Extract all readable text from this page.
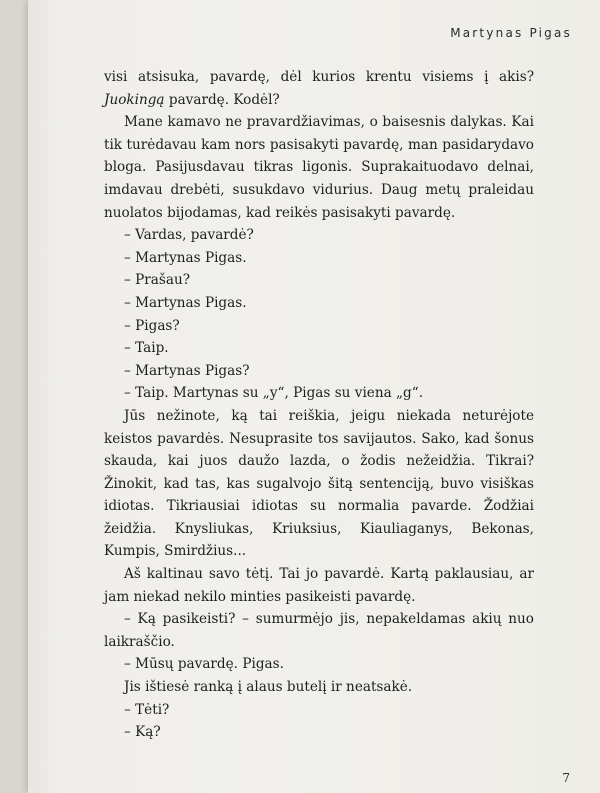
Martynas Pigas

visi atsisuka, pavardę, dėl kurios krentu visiems į akis? Juokingą pavardę. Kodėl?

Mane kamavo ne pravardžiavimas, o baisesnis dalykas. Kai tik turėdavau kam nors pasisakyti pavardę, man pasidarydavo bloga. Pasijusdavau tikras ligonis. Suprakaituodavo delnai, imdavau drebėti, susukdavo vidurius. Daug metų praleidau nuolatos bijodamas, kad reikės pasisakyti pavardę.

– Vardas, pavardė?

– Martynas Pigas.

– Prašau?

– Martynas Pigas.

– Pigas?

– Taip.

– Martynas Pigas?

– Taip. Martynas su „y“, Pigas su viena „g“.

Jūs nežinote, ką tai reiškia, jeigu niekada neturėjote keistos pavardės. Nesuprasite tos savijautos. Sako, kad šonus skauda, kai juos daužo lazda, o žodis nežeidžia. Tikrai? Žinokit, kad tas, kas sugalvojo šitą sentenciją, buvo visiškas idiotas. Tikriausiai idiotas su normalia pavarde. Žodžiai žeidžia. Knysliukas, Kriuksius, Kiauliaganys, Bekonas, Kumpis, Smirdžius...

Aš kaltinau savo tėtį. Tai jo pavardė. Kartą paklausiau, ar jam niekad nekilo minties pasikeisti pavardę.

– Ką pasikeisti? – sumurmėjo jis, nepakeldamas akių nuo laikraščio.

– Mūsų pavardę. Pigas.

Jis ištiesė ranką į alaus butelį ir neatsakė.

– Tėti?

– Ką?

7
